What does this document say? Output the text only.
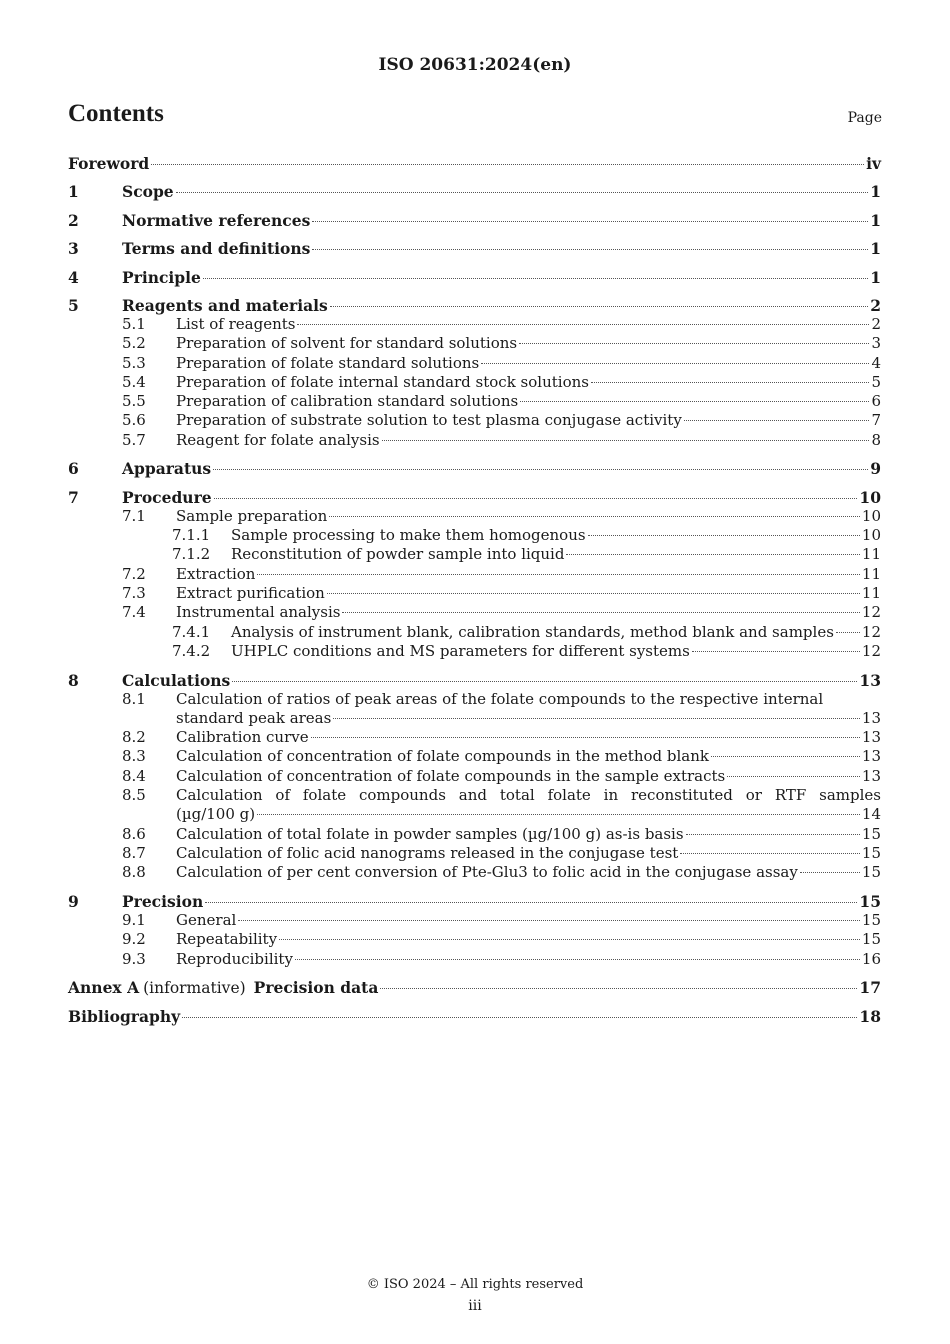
ISO 20631:2024(en)
Contents	Page
Foreword	iv
1	Scope	1
2	Normative references	1
3	Terms and definitions	1
4	Principle	1
5	Reagents and materials	2
5.1	List of reagents	2
5.2	Preparation of solvent for standard solutions	3
5.3	Preparation of folate standard solutions	4
5.4	Preparation of folate internal standard stock solutions	5
5.5	Preparation of calibration standard solutions	6
5.6	Preparation of substrate solution to test plasma conjugase activity	7
5.7	Reagent for folate analysis	8
6	Apparatus	9
7	Procedure	10
7.1	Sample preparation	10
7.1.1	Sample processing to make them homogenous	10
7.1.2	Reconstitution of powder sample into liquid	11
7.2	Extraction	11
7.3	Extract purification	11
7.4	Instrumental analysis	12
7.4.1	Analysis of instrument blank, calibration standards, method blank and samples 12
7.4.2	UHPLC conditions and MS parameters for different systems	12
8	Calculations	13
8.1	Calculation of ratios of peak areas of the folate compounds to the respective internal
standard peak areas	13
8.2	Calibration curve	13
8.3	Calculation of concentration of folate compounds in the method blank	13
8.4	Calculation of concentration of folate compounds in the sample extracts	13
8.5	Calculation of folate compounds and total folate in reconstituted or RTF samples
(µg/100 g)	14
8.6	Calculation of total folate in powder samples (µg/100 g) as-is basis	15
8.7	Calculation of folic acid nanograms released in the conjugase test	15
8.8	Calculation of per cent conversion of Pte-Glu3 to folic acid in the conjugase assay	15
9	Precision	15
9.1	General	15
9.2	Repeatability	15
9.3	Reproducibility	16
Annex A (informative) Precision data	17
Bibliography	18
© ISO 2024 – All rights reserved
iii
